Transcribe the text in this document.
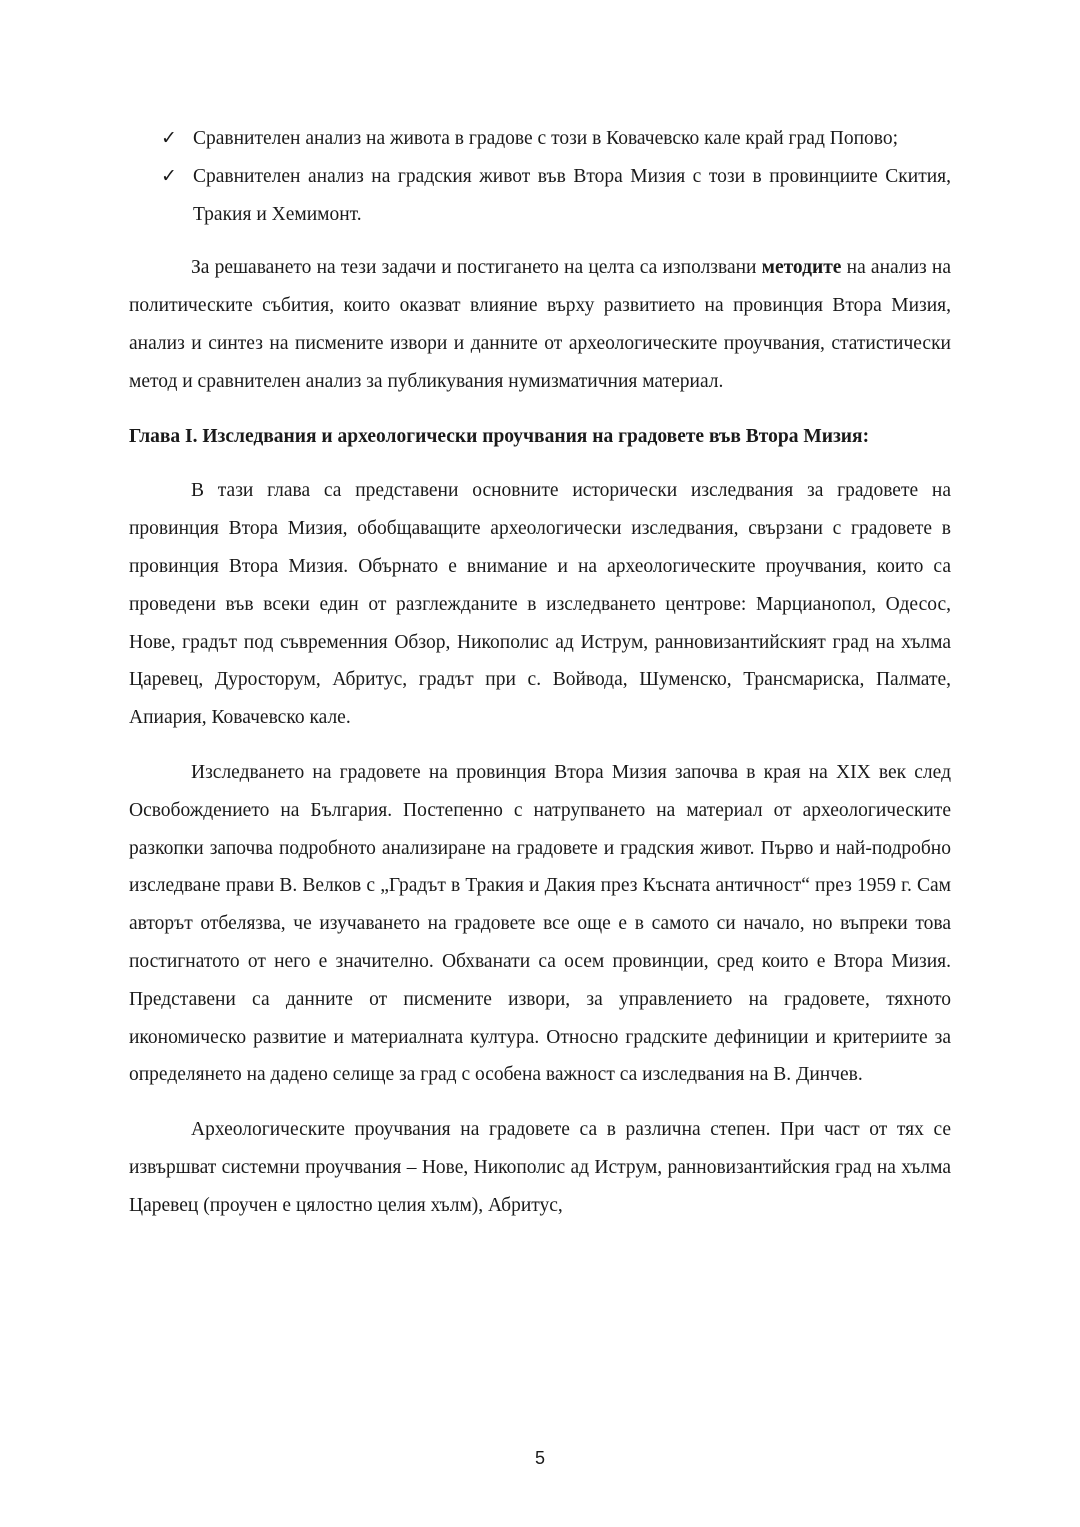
✓ Сравнителен анализ на живота в градове с този в Ковачевско кале край град Попово;
✓ Сравнителен анализ на градския живот във Втора Мизия с този в провинциите Скития, Тракия и Хемимонт.

За решаването на тези задачи и постигането на целта са използвани методите на анализ на политическите събития, които оказват влияние върху развитието на провинция Втора Мизия, анализ и синтез на писмените извори и данните от археологическите проучвания, статистически метод и сравнителен анализ за публикувания нумизматичния материал.

Глава I. Изследвания и археологически проучвания на градовете във Втора Мизия:

В тази глава са представени основните исторически изследвания за градовете на провинция Втора Мизия, обобщаващите археологически изследвания, свързани с градовете в провинция Втора Мизия. Обърнато е внимание и на археологическите проучвания, които са проведени във всеки един от разглежданите в изследването центрове: Марцианопол, Одесос, Нове, градът под съвременния Обзор, Никополис ад Иструм, ранновизантийският град на хълма Царевец, Дуросторум, Абритус, градът при с. Войвода, Шуменско, Трансмариска, Палмате, Апиария, Ковачевско кале.

Изследването на градовете на провинция Втора Мизия започва в края на XIX век след Освобождението на България. Постепенно с натрупването на материал от археологическите разкопки започва подробното анализиране на градовете и градския живот. Първо и най-подробно изследване прави В. Велков с „Градът в Тракия и Дакия през Късната античност“ през 1959 г. Сам авторът отбелязва, че изучаването на градовете все още е в самото си начало, но въпреки това постигнатото от него е значително. Обхванати са осем провинции, сред които е Втора Мизия. Представени са данните от писмените извори, за управлението на градовете, тяхното икономическо развитие и материалната култура. Относно градските дефиниции и критериите за определянето на дадено селище за град с особена важност са изследвания на В. Динчев.

Археологическите проучвания на градовете са в различна степен. При част от тях се извършват системни проучвания – Нове, Никополис ад Иструм, ранновизантийския град на хълма Царевец (проучен е цялостно целия хълм), Абритус,

5
